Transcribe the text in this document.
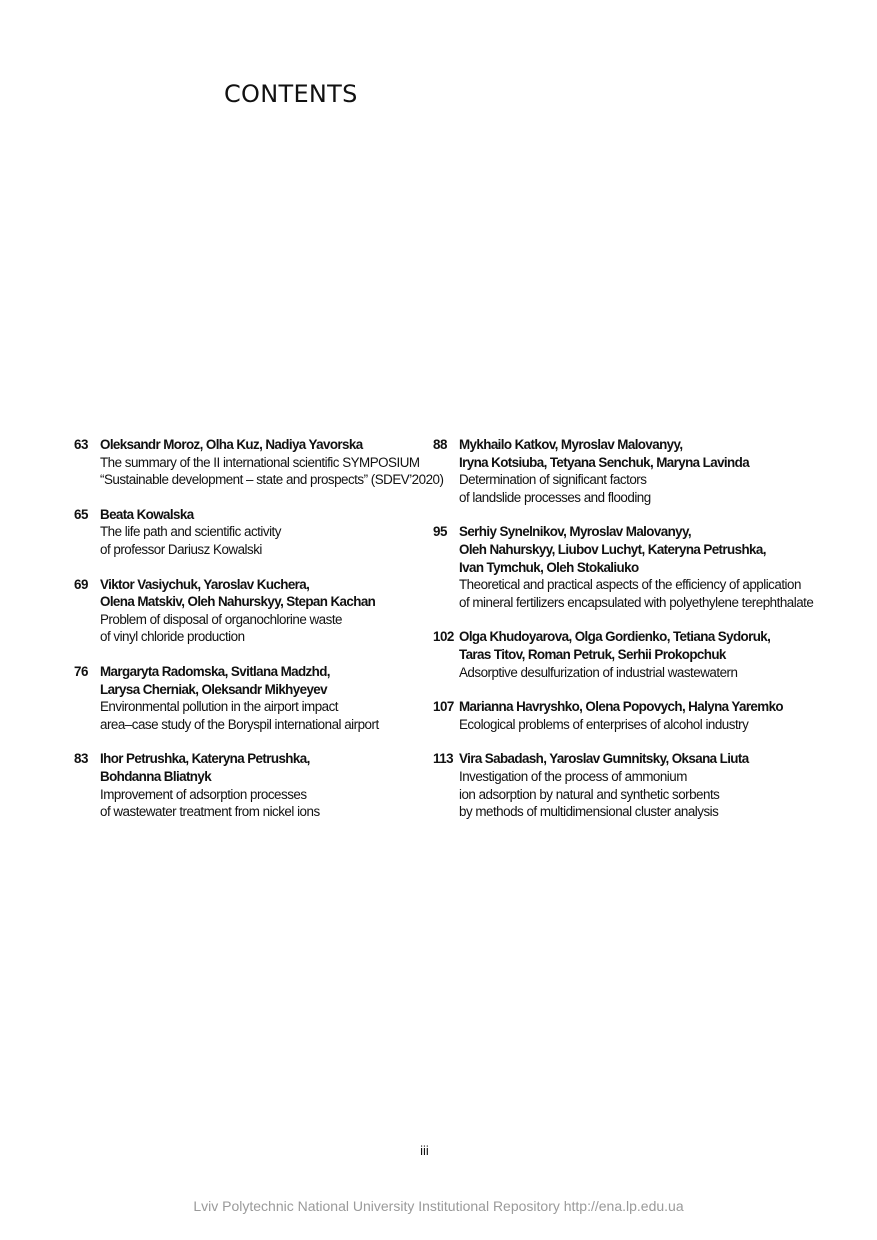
CONTENTS
63 Oleksandr Moroz, Olha Kuz, Nadiya Yavorska
The summary of the II international scientific SYMPOSIUM
“Sustainable development – state and prospects” (SDEV’2020)
65 Beata Kowalska
The life path and scientific activity
of professor Dariusz Kowalski
69 Viktor Vasiychuk, Yaroslav Kuchera,
Olena Matskiv, Oleh Nahurskyy, Stepan Kachan
Problem of disposal of organochlorine waste
of vinyl chloride production
76 Margaryta Radomska, Svitlana Madzhd,
Larysa Cherniak, Oleksandr Mikhyeyev
Environmental pollution in the airport impact
area–case study of the Boryspil international airport
83 Ihor Petrushka, Kateryna Petrushka,
Bohdanna Bliatnyk
Improvement of adsorption processes
of wastewater treatment from nickel ions
88 Mykhailo Katkov, Myroslav Malovanyy,
Iryna Kotsiuba, Tetyana Senchuk, Maryna Lavinda
Determination of significant factors
of landslide processes and flooding
95 Serhiy Synelnikov, Myroslav Malovanyy,
Oleh Nahurskyy, Liubov Luchyt, Kateryna Petrushka,
Ivan Tymchuk, Oleh Stokaliuko
Theoretical and practical aspects of the efficiency of application
of mineral fertilizers encapsulated with polyethylene terephthalate
102 Olga Khudoyarova, Olga Gordienko, Tetiana Sydoruk,
Taras Titov, Roman Petruk, Serhii Prokopchuk
Adsorptive desulfurization of industrial wastewatern
107 Marianna Havryshko, Olena Popovych, Halyna Yaremko
Ecological problems of enterprises of alcohol industry
113 Vira Sabadash, Yaroslav Gumnitsky, Oksana Liuta
Investigation of the process of ammonium
ion adsorption by natural and synthetic sorbents
by methods of multidimensional cluster analysis
iii
Lviv Polytechnic National University Institutional Repository http://ena.lp.edu.ua
